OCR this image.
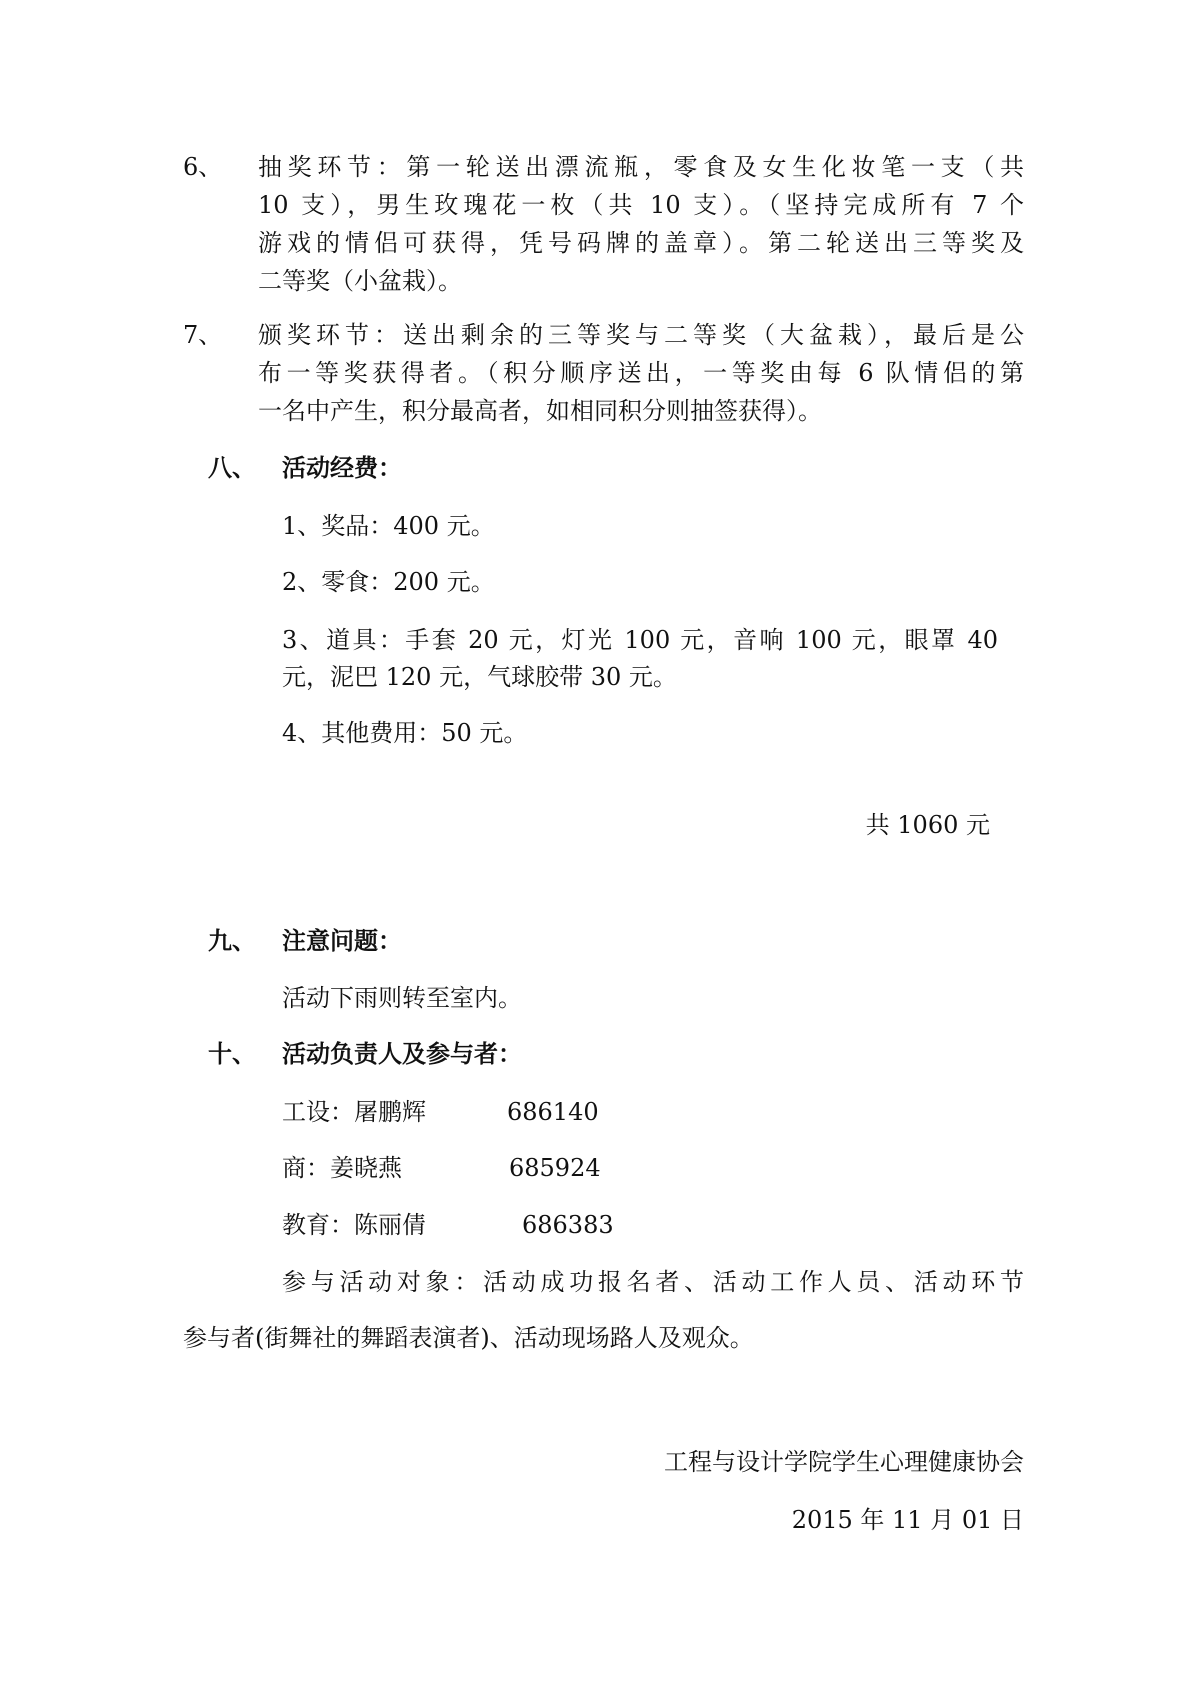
6、 抽奖环节：第一轮送出漂流瓶，零食及女生化妆笔一支（共
10 支），男生玫瑰花一枚（共 10 支）。（坚持完成所有 7 个
游戏的情侣可获得，凭号码牌的盖章）。第二轮送出三等奖及
二等奖（小盆栽）。
7、 颁奖环节：送出剩余的三等奖与二等奖（大盆栽），最后是公
布一等奖获得者。（积分顺序送出，一等奖由每 6 队情侣的第
一名中产生，积分最高者，如相同积分则抽签获得）。
八、 活动经费：
1、奖品：400 元。
2、零食：200 元。
3、道具：手套 20 元，灯光 100 元，音响 100 元，眼罩 40
元，泥巴 120 元，气球胶带 30 元。
4、其他费用：50 元。
共 1060 元
九、 注意问题：
活动下雨则转至室内。
十、 活动负责人及参与者：
工设：屠鹏辉	686140
商：姜晓燕	685924
教育：陈丽倩	686383
参与活动对象：活动成功报名者、活动工作人员、活动环节
参与者(街舞社的舞蹈表演者)、活动现场路人及观众。
工程与设计学院学生心理健康协会
2015 年 11 月 01 日
